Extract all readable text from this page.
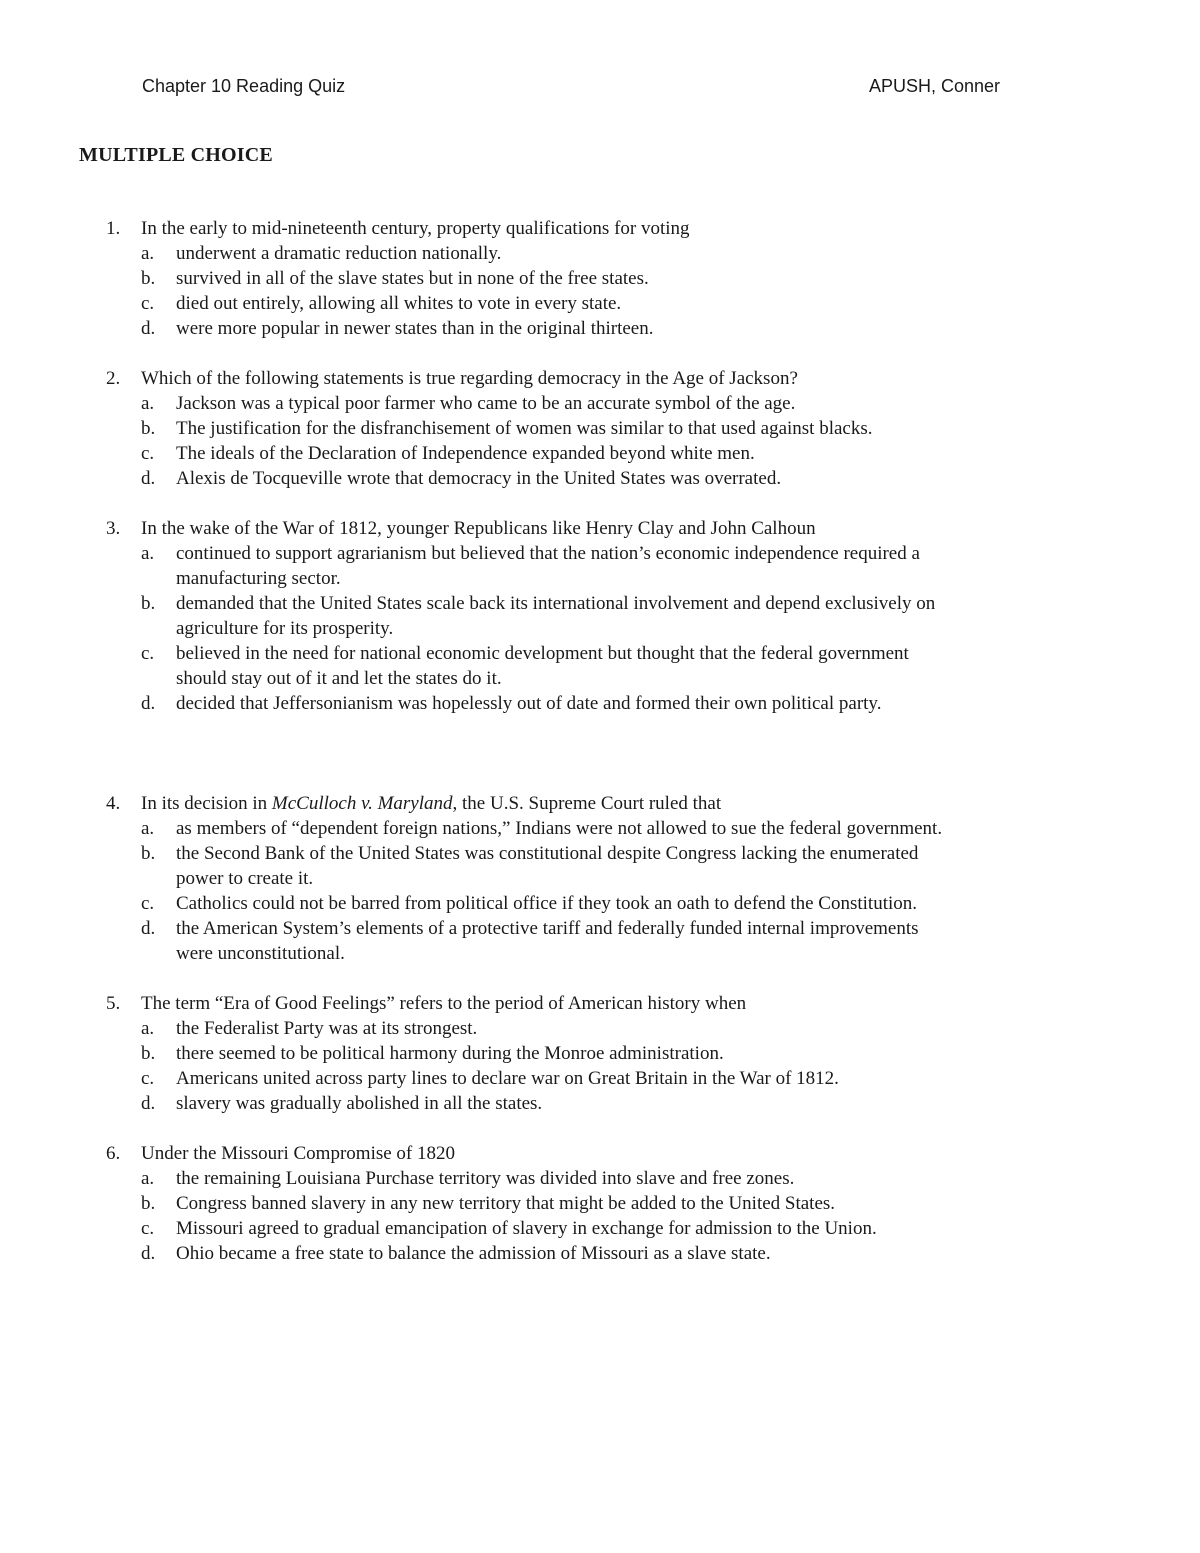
Chapter 10 Reading Quiz	APUSH, Conner
MULTIPLE CHOICE
1. In the early to mid-nineteenth century, property qualifications for voting
a. underwent a dramatic reduction nationally.
b. survived in all of the slave states but in none of the free states.
c. died out entirely, allowing all whites to vote in every state.
d. were more popular in newer states than in the original thirteen.
2. Which of the following statements is true regarding democracy in the Age of Jackson?
a. Jackson was a typical poor farmer who came to be an accurate symbol of the age.
b. The justification for the disfranchisement of women was similar to that used against blacks.
c. The ideals of the Declaration of Independence expanded beyond white men.
d. Alexis de Tocqueville wrote that democracy in the United States was overrated.
3. In the wake of the War of 1812, younger Republicans like Henry Clay and John Calhoun
a. continued to support agrarianism but believed that the nation’s economic independence required a manufacturing sector.
b. demanded that the United States scale back its international involvement and depend exclusively on agriculture for its prosperity.
c. believed in the need for national economic development but thought that the federal government should stay out of it and let the states do it.
d. decided that Jeffersonianism was hopelessly out of date and formed their own political party.
4. In its decision in McCulloch v. Maryland, the U.S. Supreme Court ruled that
a. as members of “dependent foreign nations,” Indians were not allowed to sue the federal government.
b. the Second Bank of the United States was constitutional despite Congress lacking the enumerated power to create it.
c. Catholics could not be barred from political office if they took an oath to defend the Constitution.
d. the American System’s elements of a protective tariff and federally funded internal improvements were unconstitutional.
5. The term “Era of Good Feelings” refers to the period of American history when
a. the Federalist Party was at its strongest.
b. there seemed to be political harmony during the Monroe administration.
c. Americans united across party lines to declare war on Great Britain in the War of 1812.
d. slavery was gradually abolished in all the states.
6. Under the Missouri Compromise of 1820
a. the remaining Louisiana Purchase territory was divided into slave and free zones.
b. Congress banned slavery in any new territory that might be added to the United States.
c. Missouri agreed to gradual emancipation of slavery in exchange for admission to the Union.
d. Ohio became a free state to balance the admission of Missouri as a slave state.
